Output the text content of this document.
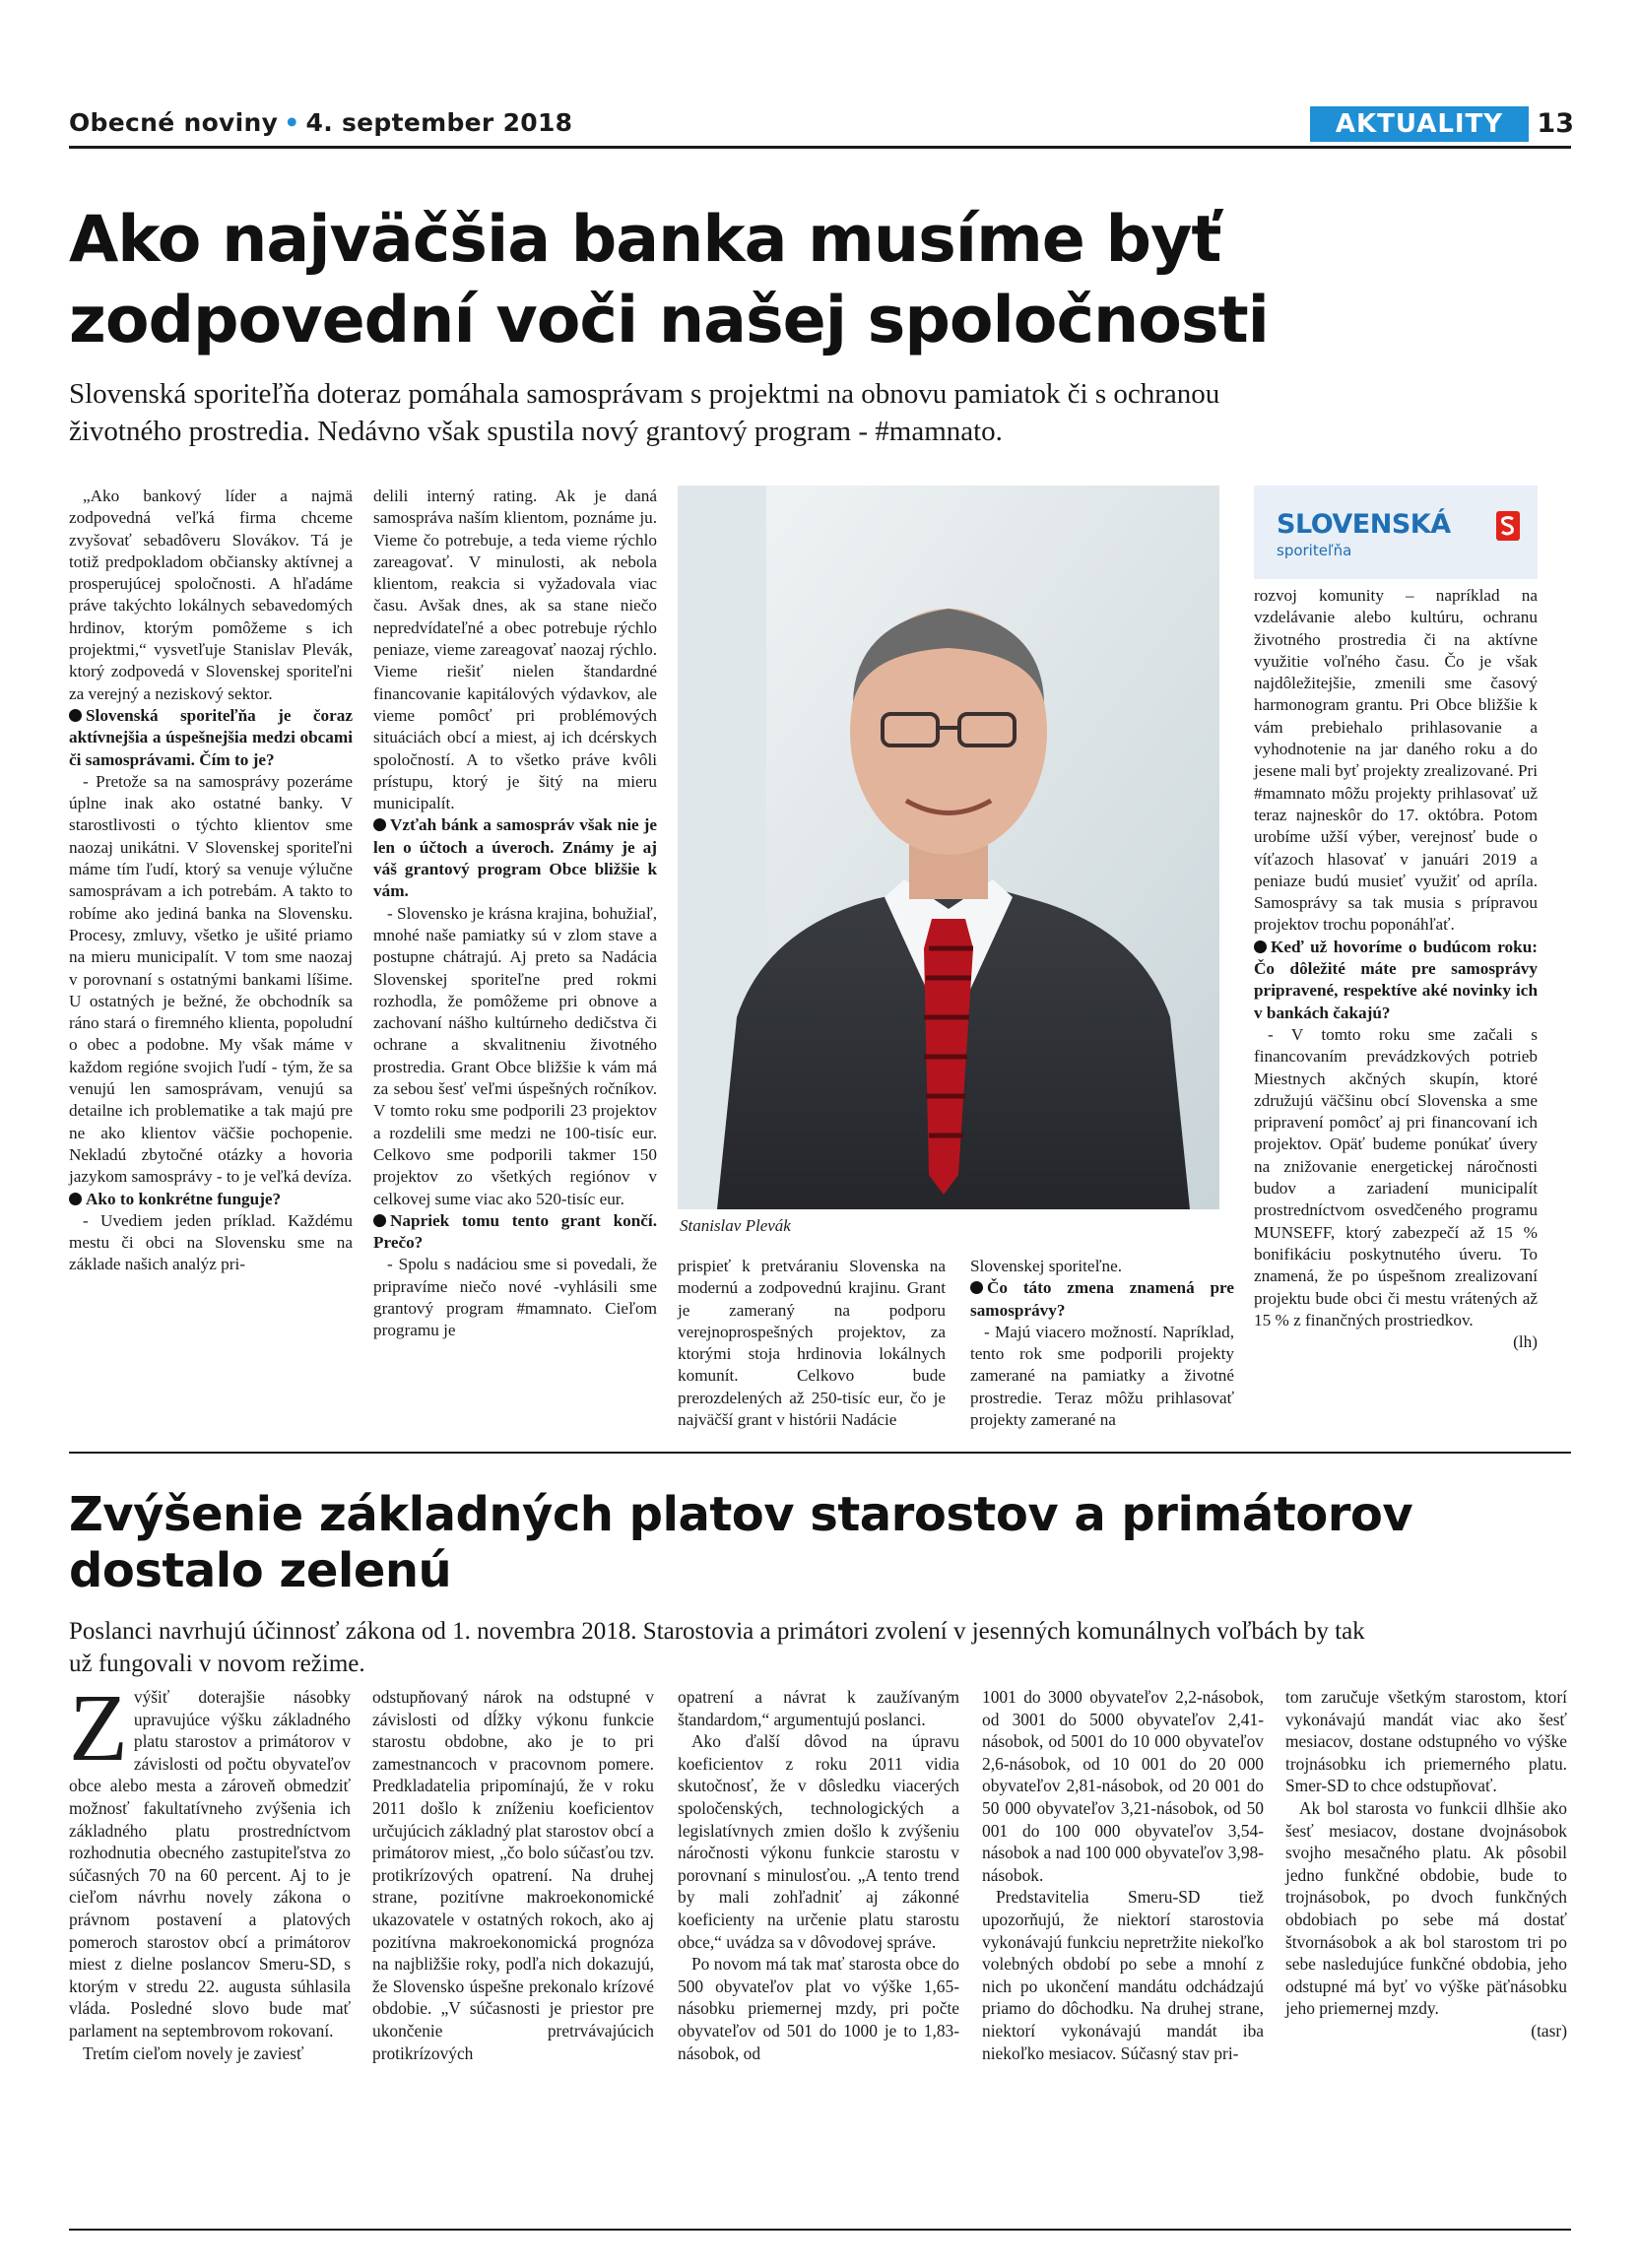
Obecné noviny • 4. september 2018	AKTUALITY	13
Ako najväčšia banka musíme byť
zodpovední voči našej spoločnosti
Slovenská sporiteľňa doteraz pomáhala samosprávam s projektmi na obnovu pamiatok či s ochranou
životného prostredia. Nedávno však spustila nový grantový program - #mamnato.

„Ako bankový líder a najmä zodpovedná veľká firma chceme zvyšovať sebadôveru Slovákov. Tá je totiž predpokladom občiansky aktívnej a prosperujúcej spoločnosti. A hľadáme práve takýchto lokálnych sebavedomých hrdinov, ktorým pomôžeme s ich projektmi,“ vysvetľuje Stanislav Plevák, ktorý zodpovedá v Slovenskej sporiteľni za verejný a neziskový sektor.

Slovenská sporiteľňa je čoraz aktívnejšia a úspešnejšia medzi obcami či samosprávami. Čím to je?

- Pretože sa na samosprávy pozeráme úplne inak ako ostatné banky. V starostlivosti o týchto klientov sme naozaj unikátni. V Slovenskej sporiteľni máme tím ľudí, ktorý sa venuje výlučne samosprávam a ich potrebám. A takto to robíme ako jediná banka na Slovensku. Procesy, zmluvy, všetko je ušité priamo na mieru municipalít. V tom sme naozaj v porovnaní s ostatnými bankami líšime. U ostatných je bežné, že obchodník sa ráno stará o firemného klienta, popoludní o obec a podobne. My však máme v každom regióne svojich ľudí - tým, že sa venujú len samosprávam, venujú sa detailne ich problematike a tak majú pre ne ako klientov väčšie pochopenie. Nekladú zbytočné otázky a hovoria jazykom samosprávy - to je veľká devíza.

Ako to konkrétne funguje?

- Uvediem jeden príklad. Každému mestu či obci na Slovensku sme na základe našich analýz pri-

delili interný rating. Ak je daná samospráva naším klientom, poznáme ju. Vieme čo potrebuje, a teda vieme rýchlo zareagovať. V minulosti, ak nebola klientom, reakcia si vyžadovala viac času. Avšak dnes, ak sa stane niečo nepredvídateľné a obec potrebuje rýchlo peniaze, vieme zareagovať naozaj rýchlo. Vieme riešiť nielen štandardné financovanie kapitálových výdavkov, ale vieme pomôcť pri problémových situáciách obcí a miest, aj ich dcérskych spoločností. A to všetko práve kvôli prístupu, ktorý je šitý na mieru municipalít.

Vzťah bánk a samospráv však nie je len o účtoch a úveroch. Známy je aj váš grantový program Obce bližšie k vám.

- Slovensko je krásna krajina, bohužiaľ, mnohé naše pamiatky sú v zlom stave a postupne chátrajú. Aj preto sa Nadácia Slovenskej sporiteľne pred rokmi rozhodla, že pomôžeme pri obnove a zachovaní nášho kultúrneho dedičstva či ochrane a skvalitneniu životného prostredia. Grant Obce bližšie k vám má za sebou šesť veľmi úspešných ročníkov. V tomto roku sme podporili 23 projektov a rozdelili sme medzi ne 100-tisíc eur. Celkovo sme podporili takmer 150 projektov zo všetkých regiónov v celkovej sume viac ako 520-tisíc eur.

Napriek tomu tento grant končí. Prečo?

- Spolu s nadáciou sme si povedali, že pripravíme niečo nové -vyhlásili sme grantový program #mamnato. Cieľom programu je

Stanislav Plevák

prispieť k pretváraniu Slovenska na modernú a zodpovednú krajinu. Grant je zameraný na podporu verejnoprospešných projektov, za ktorými stoja hrdinovia lokálnych komunít. Celkovo bude prerozdelených až 250-tisíc eur, čo je najväčší grant v histórii Nadácie

Slovenskej sporiteľne.

Čo táto zmena znamená pre samosprávy?

- Majú viacero možností. Napríklad, tento rok sme podporili projekty zamerané na pamiatky a životné prostredie. Teraz môžu prihlasovať projekty zamerané na

SLOVENSKÁ
sporiteľňa

rozvoj komunity – napríklad na vzdelávanie alebo kultúru, ochranu životného prostredia či na aktívne využitie voľného času. Čo je však najdôležitejšie, zmenili sme časový harmonogram grantu. Pri Obce bližšie k vám prebiehalo prihlasovanie a vyhodnotenie na jar daného roku a do jesene mali byť projekty zrealizované. Pri #mamnato môžu projekty prihlasovať už teraz najneskôr do 17. októbra. Potom urobíme užší výber, verejnosť bude o víťazoch hlasovať v januári 2019 a peniaze budú musieť využiť od apríla. Samosprávy sa tak musia s prípravou projektov trochu poponáhľať.

Keď už hovoríme o budúcom roku: Čo dôležité máte pre samosprávy pripravené, respektíve aké novinky ich v bankách čakajú?

- V tomto roku sme začali s financovaním prevádzkových potrieb Miestnych akčných skupín, ktoré združujú väčšinu obcí Slovenska a sme pripravení pomôcť aj pri financovaní ich projektov. Opäť budeme ponúkať úvery na znižovanie energetickej náročnosti budov a zariadení municipalít prostredníctvom osvedčeného programu MUNSEFF, ktorý zabezpečí až 15 % bonifikáciu poskytnutého úveru. To znamená, že po úspešnom zrealizovaní projektu bude obci či mestu vrátených až 15 % z finančných prostriedkov.

(lh)

Zvýšenie základných platov starostov a primátorov
dostalo zelenú
Poslanci navrhujú účinnosť zákona od 1. novembra 2018. Starostovia a primátori zvolení v jesenných komunálnych voľbách by tak
už fungovali v novom režime.

Zvýšiť doterajšie násobky upravujúce výšku základného platu starostov a primátorov v závislosti od počtu obyvateľov obce alebo mesta a zároveň obmedziť možnosť fakultatívneho zvýšenia ich základného platu prostredníctvom rozhodnutia obecného zastupiteľstva zo súčasných 70 na 60 percent. Aj to je cieľom návrhu novely zákona o právnom postavení a platových pomeroch starostov obcí a primátorov miest z dielne poslancov Smeru-SD, s ktorým v stredu 22. augusta súhlasila vláda. Posledné slovo bude mať parlament na septembrovom rokovaní.

Tretím cieľom novely je zaviesť

odstupňovaný nárok na odstupné v závislosti od dĺžky výkonu funkcie starostu obdobne, ako je to pri zamestnancoch v pracovnom pomere. Predkladatelia pripomínajú, že v roku 2011 došlo k zníženiu koeficientov určujúcich základný plat starostov obcí a primátorov miest, „čo bolo súčasťou tzv. protikrízových opatrení. Na druhej strane, pozitívne makroekonomické ukazovatele v ostatných rokoch, ako aj pozitívna makroekonomická prognóza na najbližšie roky, podľa nich dokazujú, že Slovensko úspešne prekonalo krízové obdobie. „V súčasnosti je priestor pre ukončenie pretrvávajúcich protikrízových

opatrení a návrat k zaužívaným štandardom,“ argumentujú poslanci.

Ako ďalší dôvod na úpravu koeficientov z roku 2011 vidia skutočnosť, že v dôsledku viacerých spoločenských, technologických a legislatívnych zmien došlo k zvýšeniu náročnosti výkonu funkcie starostu v porovnaní s minulosťou. „A tento trend by mali zohľadniť aj zákonné koeficienty na určenie platu starostu obce,“ uvádza sa v dôvodovej správe.

Po novom má tak mať starosta obce do 500 obyvateľov plat vo výške 1,65-násobku priemernej mzdy, pri počte obyvateľov od 501 do 1000 je to 1,83-násobok, od

1001 do 3000 obyvateľov 2,2-násobok, od 3001 do 5000 obyvateľov 2,41-násobok, od 5001 do 10 000 obyvateľov 2,6-násobok, od 10 001 do 20 000 obyvateľov 2,81-násobok, od 20 001 do 50 000 obyvateľov 3,21-násobok, od 50 001 do 100 000 obyvateľov 3,54-násobok a nad 100 000 obyvateľov 3,98-násobok.

Predstavitelia Smeru-SD tiež upozorňujú, že niektorí starostovia vykonávajú funkciu nepretržite niekoľko volebných období po sebe a mnohí z nich po ukončení mandátu odchádzajú priamo do dôchodku. Na druhej strane, niektorí vykonávajú mandát iba niekoľko mesiacov. Súčasný stav pri-

tom zaručuje všetkým starostom, ktorí vykonávajú mandát viac ako šesť mesiacov, dostane odstupného vo výške trojnásobku ich priemerného platu. Smer-SD to chce odstupňovať.

Ak bol starosta vo funkcii dlhšie ako šesť mesiacov, dostane dvojnásobok svojho mesačného platu. Ak pôsobil jedno funkčné obdobie, bude to trojnásobok, po dvoch funkčných obdobiach po sebe má dostať štvornásobok a ak bol starostom tri po sebe nasledujúce funkčné obdobia, jeho odstupné má byť vo výške päťnásobku jeho priemernej mzdy.

(tasr)
